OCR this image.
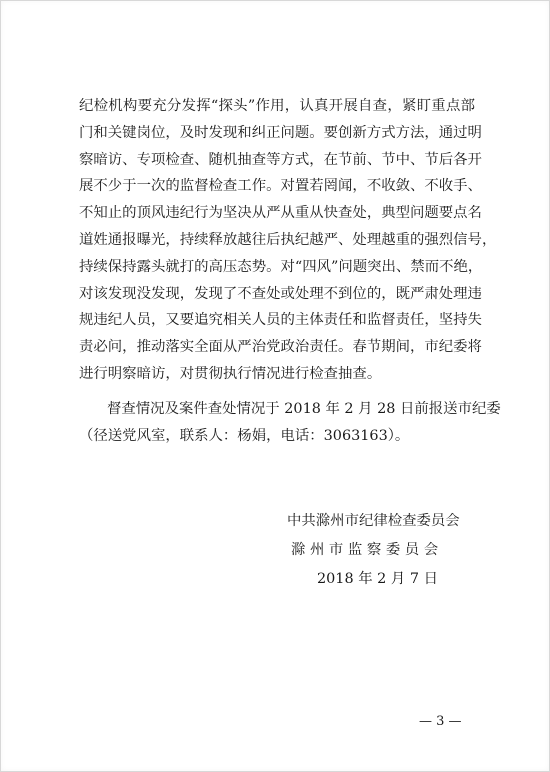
纪检机构要充分发挥“探头”作用，认真开展自查，紧盯重点部
门和关键岗位，及时发现和纠正问题。要创新方式方法，通过明
察暗访、专项检查、随机抽查等方式，在节前、节中、节后各开
展不少于一次的监督检查工作。对置若罔闻，不收敛、不收手、
不知止的顶风违纪行为坚决从严从重从快查处，典型问题要点名
道姓通报曝光，持续释放越往后执纪越严、处理越重的强烈信号，
持续保持露头就打的高压态势。对“四风”问题突出、禁而不绝，
对该发现没发现，发现了不查处或处理不到位的，既严肃处理违
规违纪人员，又要追究相关人员的主体责任和监督责任，坚持失
责必问，推动落实全面从严治党政治责任。春节期间，市纪委将
进行明察暗访，对贯彻执行情况进行检查抽查。
督查情况及案件查处情况于 2018 年 2 月 28 日前报送市纪委
（径送党风室，联系人：杨娟，电话：3063163）。
中共滁州市纪律检查委员会
滁 州 市 监 察 委 员 会
2018 年 2 月 7 日
— 3 —
